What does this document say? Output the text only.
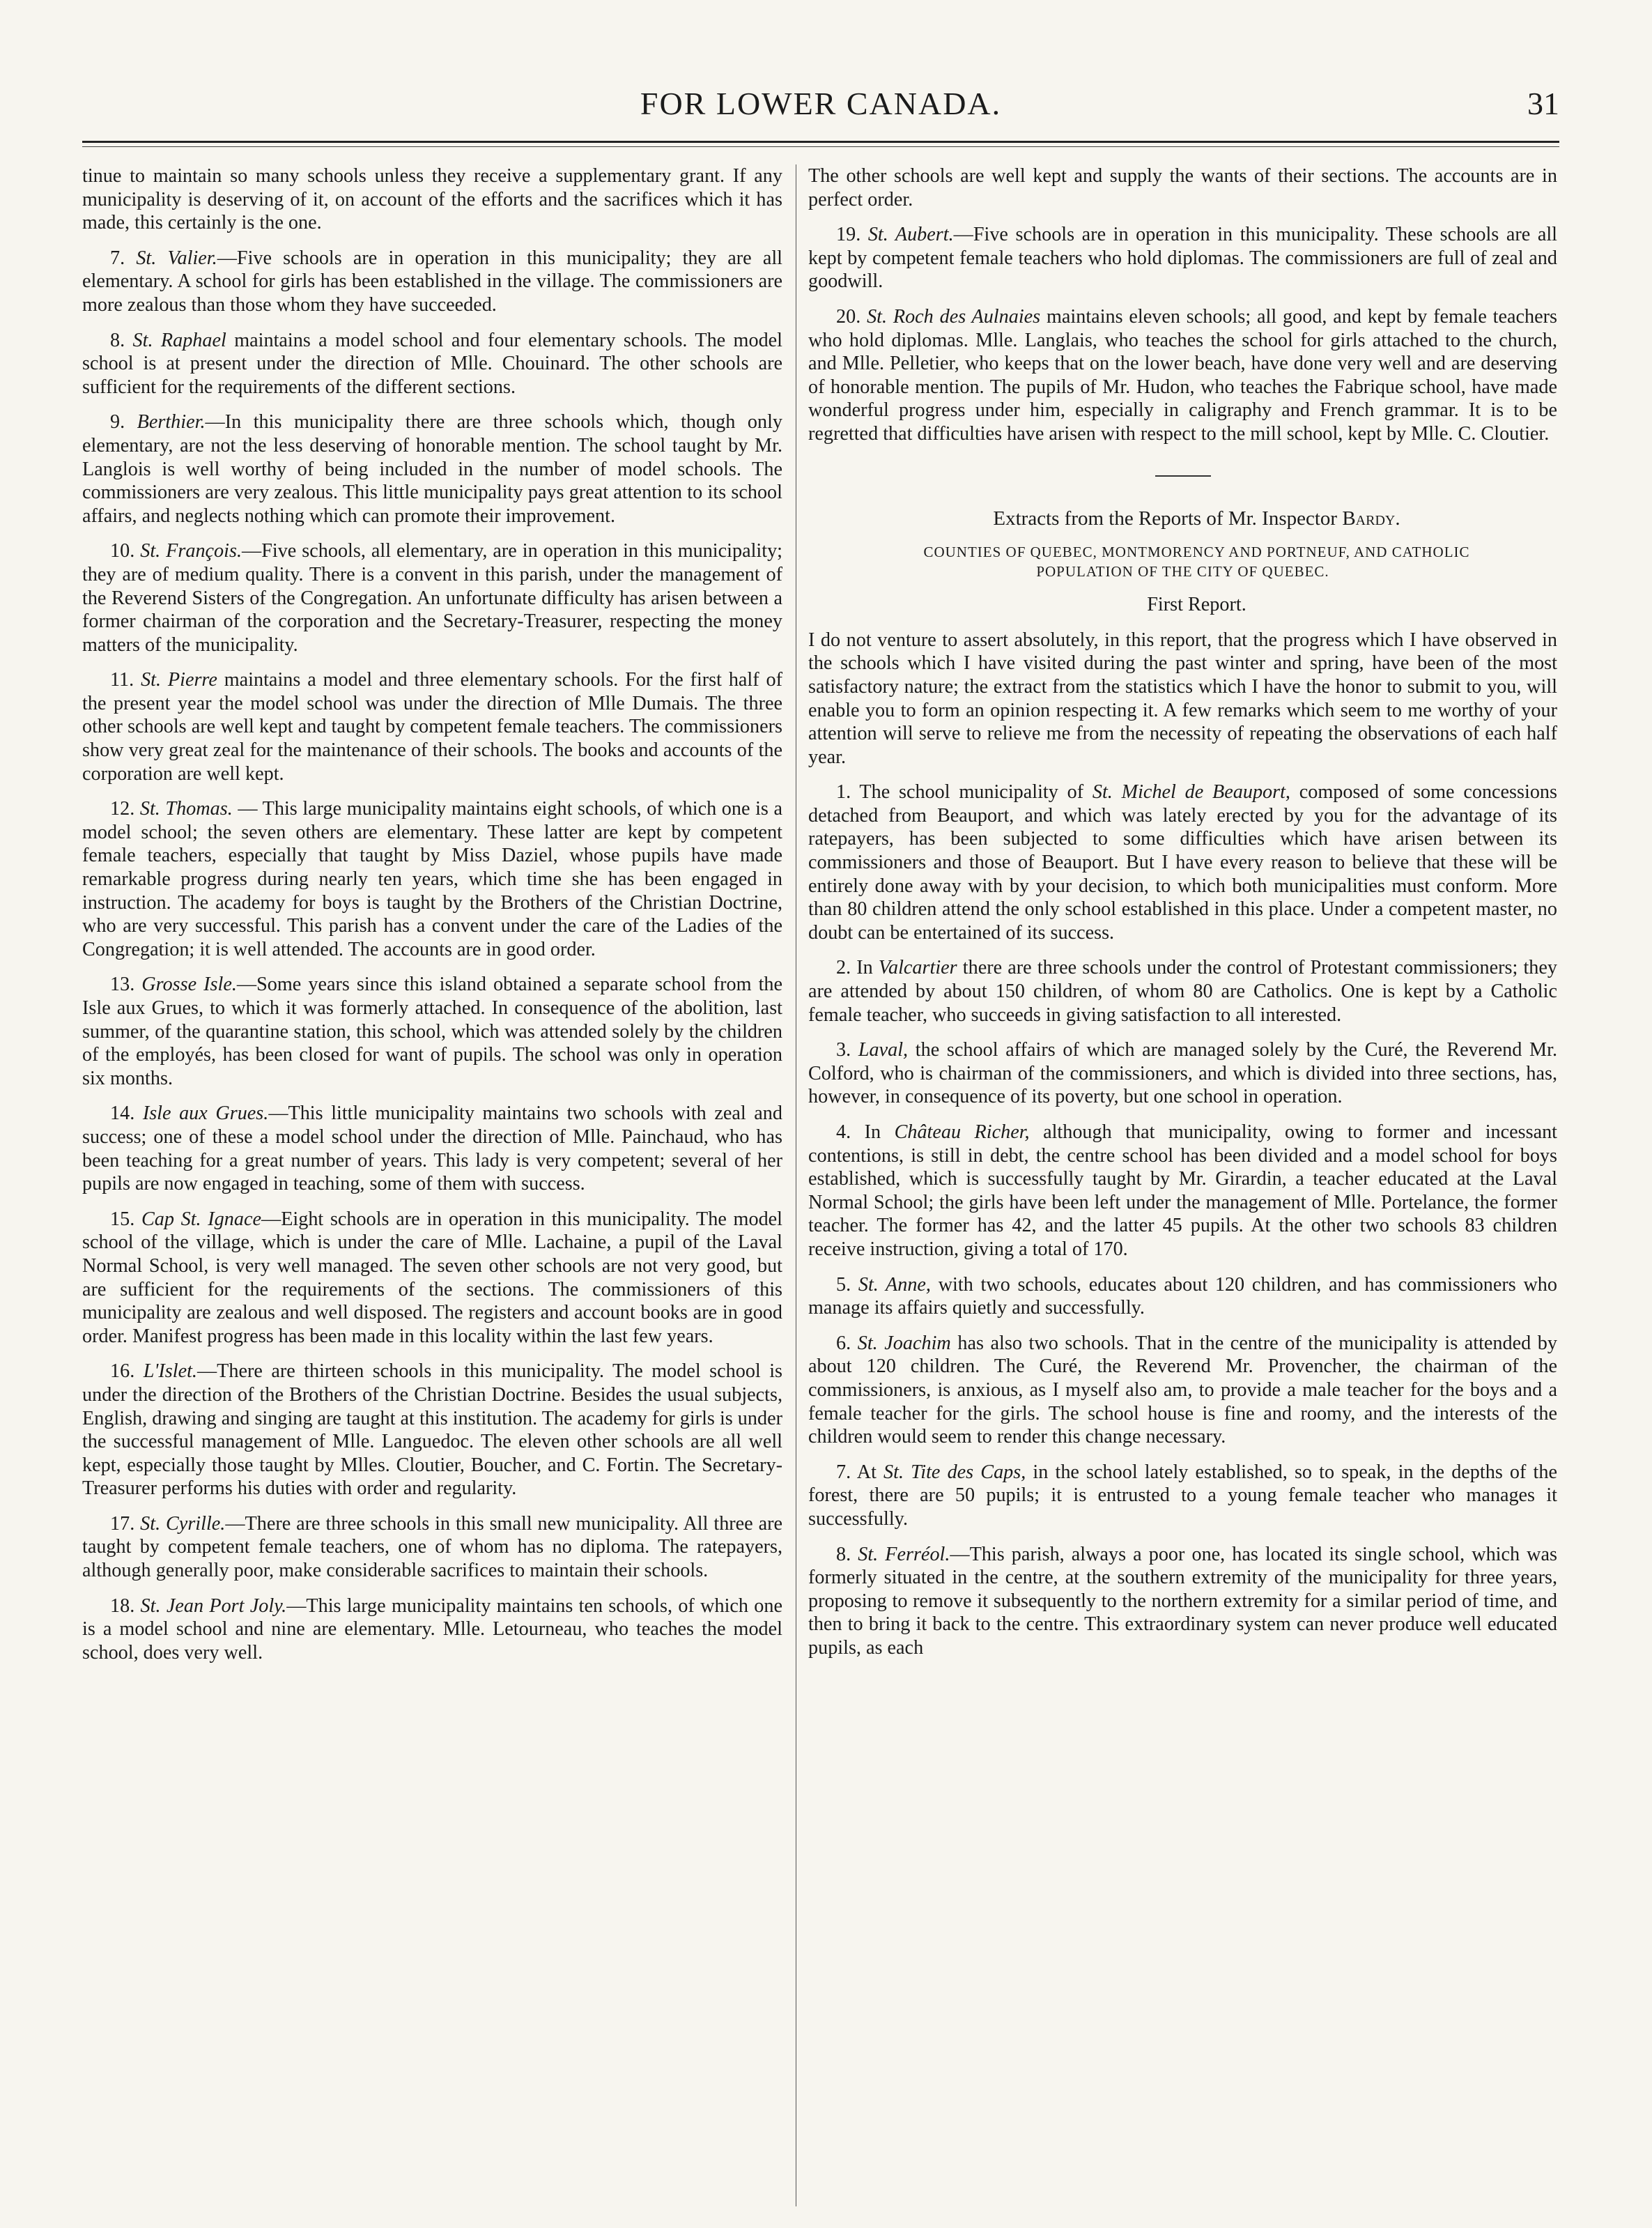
FOR LOWER CANADA.	31

tinue to maintain so many schools unless they receive a supplementary grant. If any municipality is deserving of it, on account of the efforts and the sacrifices which it has made, this certainly is the one.

7. St. Valier.—Five schools are in operation in this municipality; they are all elementary. A school for girls has been established in the village. The commissioners are more zealous than those whom they have succeeded.

8. St. Raphael maintains a model school and four elementary schools. The model school is at present under the direction of Mlle. Chouinard. The other schools are sufficient for the requirements of the different sections.

9. Berthier.—In this municipality there are three schools which, though only elementary, are not the less deserving of honorable mention. The school taught by Mr. Langlois is well worthy of being included in the number of model schools. The commissioners are very zealous. This little municipality pays great attention to its school affairs, and neglects nothing which can promote their improvement.

10. St. François.—Five schools, all elementary, are in operation in this municipality; they are of medium quality. There is a convent in this parish, under the management of the Reverend Sisters of the Congregation. An unfortunate difficulty has arisen between a former chairman of the corporation and the Secretary-Treasurer, respecting the money matters of the municipality.

11. St. Pierre maintains a model and three elementary schools. For the first half of the present year the model school was under the direction of Mlle Dumais. The three other schools are well kept and taught by competent female teachers. The commissioners show very great zeal for the maintenance of their schools. The books and accounts of the corporation are well kept.

12. St. Thomas. — This large municipality maintains eight schools, of which one is a model school; the seven others are elementary. These latter are kept by competent female teachers, especially that taught by Miss Daziel, whose pupils have made remarkable progress during nearly ten years, which time she has been engaged in instruction. The academy for boys is taught by the Brothers of the Christian Doctrine, who are very successful. This parish has a convent under the care of the Ladies of the Congregation; it is well attended. The accounts are in good order.

13. Grosse Isle.—Some years since this island obtained a separate school from the Isle aux Grues, to which it was formerly attached. In consequence of the abolition, last summer, of the quarantine station, this school, which was attended solely by the children of the employés, has been closed for want of pupils. The school was only in operation six months.

14. Isle aux Grues.—This little municipality maintains two schools with zeal and success; one of these a model school under the direction of Mlle. Painchaud, who has been teaching for a great number of years. This lady is very competent; several of her pupils are now engaged in teaching, some of them with success.

15. Cap St. Ignace—Eight schools are in operation in this municipality. The model school of the village, which is under the care of Mlle. Lachaine, a pupil of the Laval Normal School, is very well managed. The seven other schools are not very good, but are sufficient for the requirements of the sections. The commissioners of this municipality are zealous and well disposed. The registers and account books are in good order. Manifest progress has been made in this locality within the last few years.

16. L'Islet.—There are thirteen schools in this municipality. The model school is under the direction of the Brothers of the Christian Doctrine. Besides the usual subjects, English, drawing and singing are taught at this institution. The academy for girls is under the successful management of Mlle. Languedoc. The eleven other schools are all well kept, especially those taught by Mlles. Cloutier, Boucher, and C. Fortin. The Secretary-Treasurer performs his duties with order and regularity.

17. St. Cyrille.—There are three schools in this small new municipality. All three are taught by competent female teachers, one of whom has no diploma. The ratepayers, although generally poor, make considerable sacrifices to maintain their schools.

18. St. Jean Port Joly.—This large municipality maintains ten schools, of which one is a model school and nine are elementary. Mlle. Letourneau, who teaches the model school, does very well.

The other schools are well kept and supply the wants of their sections. The accounts are in perfect order.

19. St. Aubert.—Five schools are in operation in this municipality. These schools are all kept by competent female teachers who hold diplomas. The commissioners are full of zeal and goodwill.

20. St. Roch des Aulnaies maintains eleven schools; all good, and kept by female teachers who hold diplomas. Mlle. Langlais, who teaches the school for girls attached to the church, and Mlle. Pelletier, who keeps that on the lower beach, have done very well and are deserving of honorable mention. The pupils of Mr. Hudon, who teaches the Fabrique school, have made wonderful progress under him, especially in caligraphy and French grammar. It is to be regretted that difficulties have arisen with respect to the mill school, kept by Mlle. C. Cloutier.

Extracts from the Reports of Mr. Inspector Bardy.

COUNTIES OF QUEBEC, MONTMORENCY AND PORTNEUF, AND CATHOLIC
POPULATION OF THE CITY OF QUEBEC.

First Report.

I do not venture to assert absolutely, in this report, that the progress which I have observed in the schools which I have visited during the past winter and spring, have been of the most satisfactory nature; the extract from the statistics which I have the honor to submit to you, will enable you to form an opinion respecting it. A few remarks which seem to me worthy of your attention will serve to relieve me from the necessity of repeating the observations of each half year.

1. The school municipality of St. Michel de Beauport, composed of some concessions detached from Beauport, and which was lately erected by you for the advantage of its ratepayers, has been subjected to some difficulties which have arisen between its commissioners and those of Beauport. But I have every reason to believe that these will be entirely done away with by your decision, to which both municipalities must conform. More than 80 children attend the only school established in this place. Under a competent master, no doubt can be entertained of its success.

2. In Valcartier there are three schools under the control of Protestant commissioners; they are attended by about 150 children, of whom 80 are Catholics. One is kept by a Catholic female teacher, who succeeds in giving satisfaction to all interested.

3. Laval, the school affairs of which are managed solely by the Curé, the Reverend Mr. Colford, who is chairman of the commissioners, and which is divided into three sections, has, however, in consequence of its poverty, but one school in operation.

4. In Château Richer, although that municipality, owing to former and incessant contentions, is still in debt, the centre school has been divided and a model school for boys established, which is successfully taught by Mr. Girardin, a teacher educated at the Laval Normal School; the girls have been left under the management of Mlle. Portelance, the former teacher. The former has 42, and the latter 45 pupils. At the other two schools 83 children receive instruction, giving a total of 170.

5. St. Anne, with two schools, educates about 120 children, and has commissioners who manage its affairs quietly and successfully.

6. St. Joachim has also two schools. That in the centre of the municipality is attended by about 120 children. The Curé, the Reverend Mr. Provencher, the chairman of the commissioners, is anxious, as I myself also am, to provide a male teacher for the boys and a female teacher for the girls. The school house is fine and roomy, and the interests of the children would seem to render this change necessary.

7. At St. Tite des Caps, in the school lately established, so to speak, in the depths of the forest, there are 50 pupils; it is entrusted to a young female teacher who manages it successfully.

8. St. Ferréol.—This parish, always a poor one, has located its single school, which was formerly situated in the centre, at the southern extremity of the municipality for three years, proposing to remove it subsequently to the northern extremity for a similar period of time, and then to bring it back to the centre. This extraordinary system can never produce well educated pupils, as each
